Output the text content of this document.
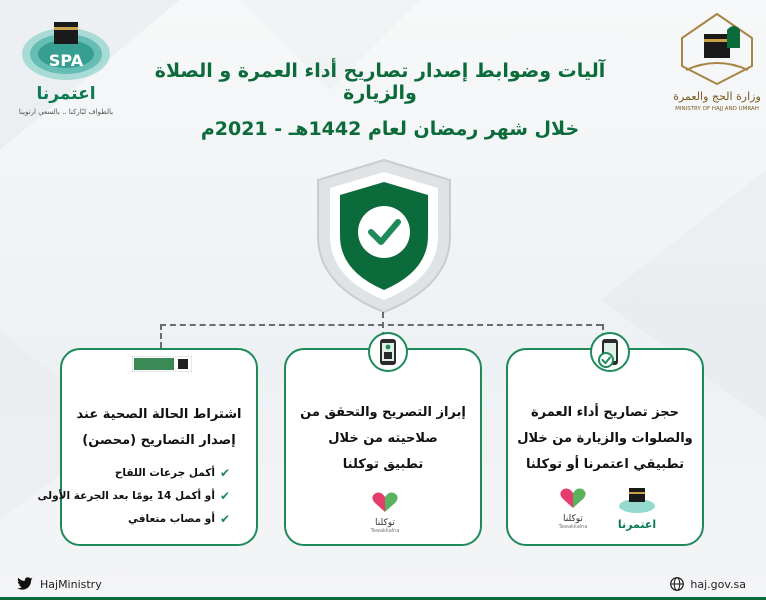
SPA
اعتمرنا
بالطواف لبّاركنا .. بالسعي ارتوينا
وزارة الحج والعمرة
MINISTRY OF HAJJ AND UMRAH
آليات وضوابط إصدار تصاريح أداء العمرة و الصلاة والزيارة
خلال شهر رمضان لعام 1442هـ - 2021م
اشتراط الحالة الصحية عند
إصدار التصاريح (محصن)
✔
أكمل جرعات اللقاح
✔
أو أكمل 14 يومًا بعد الجرعة الأولى
✔
أو مصاب متعافي
إبراز التصريح والتحقق من
صلاحيته من خلال
تطبيق توكلنا
توكلنا
Tawakkalna
حجز تصاريح أداء العمرة
والصلوات والزيارة من خلال
تطبيقي اعتمرنا أو توكلنا
اعتمرنا
توكلنا
Tawakkalna
HajMinistry	haj.gov.sa
